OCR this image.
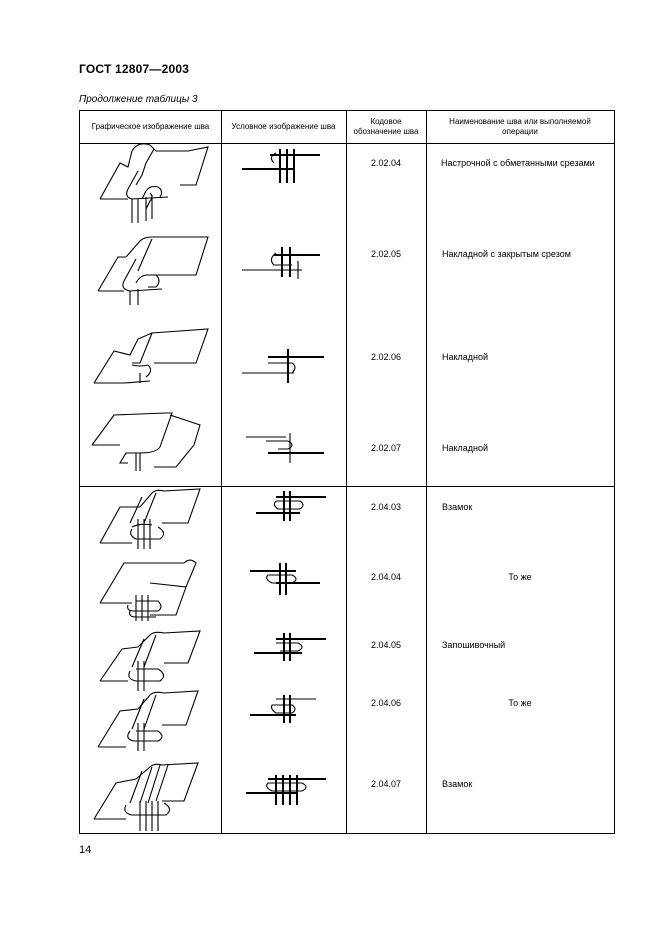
ГОСТ 12807—2003
Продолжение таблицы 3
Графическое изображение шва	Условное изображение шва
Кодовое обозначение шва
Наименование шва или выполняемой операции
2.02.04
2.02.05
2.02.06
2.02.07
2.04.03
2.04.04
2.04.05
2.04.06
2.04.07
Настрочной с обметанными срезами
Накладной с закрытым срезом
Накладной
Накладной
Взамок
То же
Запошивочный
То же
Взамок
14
